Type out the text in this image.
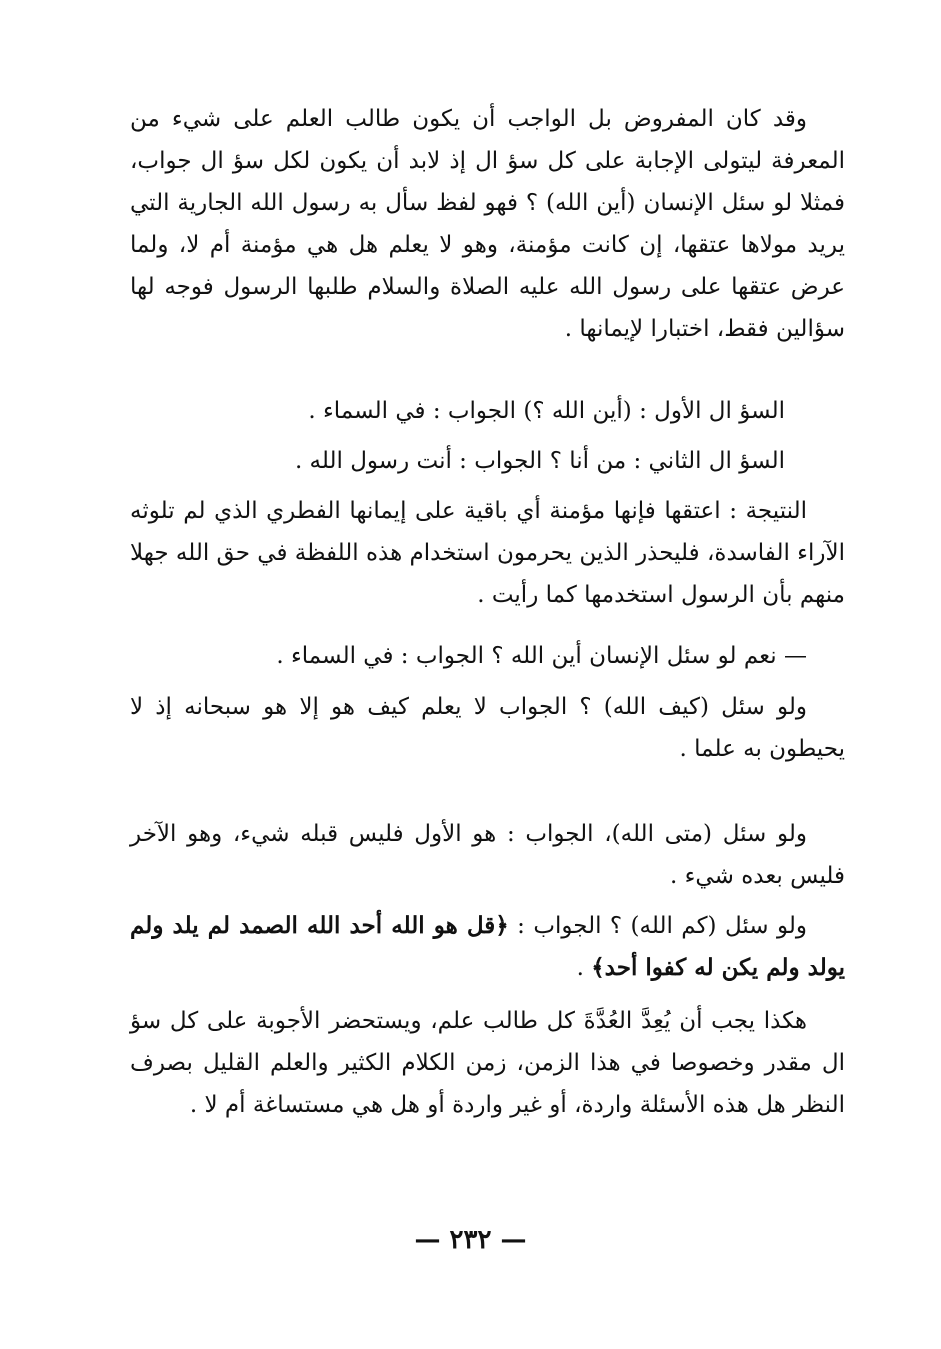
وقد كان المفروض بل الواجب أن يكون طالب العلم على شيء من المعرفة ليتولى الإجابة على كل سؤ ال إذ لابد أن يكون لكل سؤ ال جواب، فمثلا لو سئل الإنسان (أين الله) ؟ فهو لفظ سأل به رسول الله الجارية التي يريد مولاها عتقها، إن كانت مؤمنة، وهو لا يعلم هل هي مؤمنة أم لا، ولما عرض عتقها على رسول الله عليه الصلاة والسلام طلبها الرسول فوجه لها سؤالين فقط، اختبارا لإيمانها .

السؤ ال الأول : (أين الله ؟) الجواب : في السماء .

السؤ ال الثاني : من أنا ؟ الجواب : أنت رسول الله .

النتيجة : اعتقها فإنها مؤمنة أي باقية على إيمانها الفطري الذي لم تلوثه الآراء الفاسدة، فليحذر الذين يحرمون استخدام هذه اللفظة في حق الله جهلا منهم بأن الرسول استخدمها كما رأيت .

— نعم لو سئل الإنسان أين الله ؟ الجواب : في السماء .

ولو سئل (كيف الله) ؟ الجواب لا يعلم كيف هو إلا هو سبحانه إذ لا يحيطون به علما .

ولو سئل (متى الله)، الجواب : هو الأول فليس قبله شيء، وهو الآخر فليس بعده شيء .

ولو سئل (كم الله) ؟ الجواب : ﴿قل هو الله أحد الله الصمد لم يلد ولم يولد ولم يكن له كفوا أحد﴾ .

هكذا يجب أن يُعِدَّ العُدَّةَ كل طالب علم، ويستحضر الأجوبة على كل سؤ ال مقدر وخصوصا في هذا الزمن، زمن الكلام الكثير والعلم القليل بصرف النظر هل هذه الأسئلة واردة، أو غير واردة أو هل هي مستساغة أم لا .

— ٢٣٢ —
